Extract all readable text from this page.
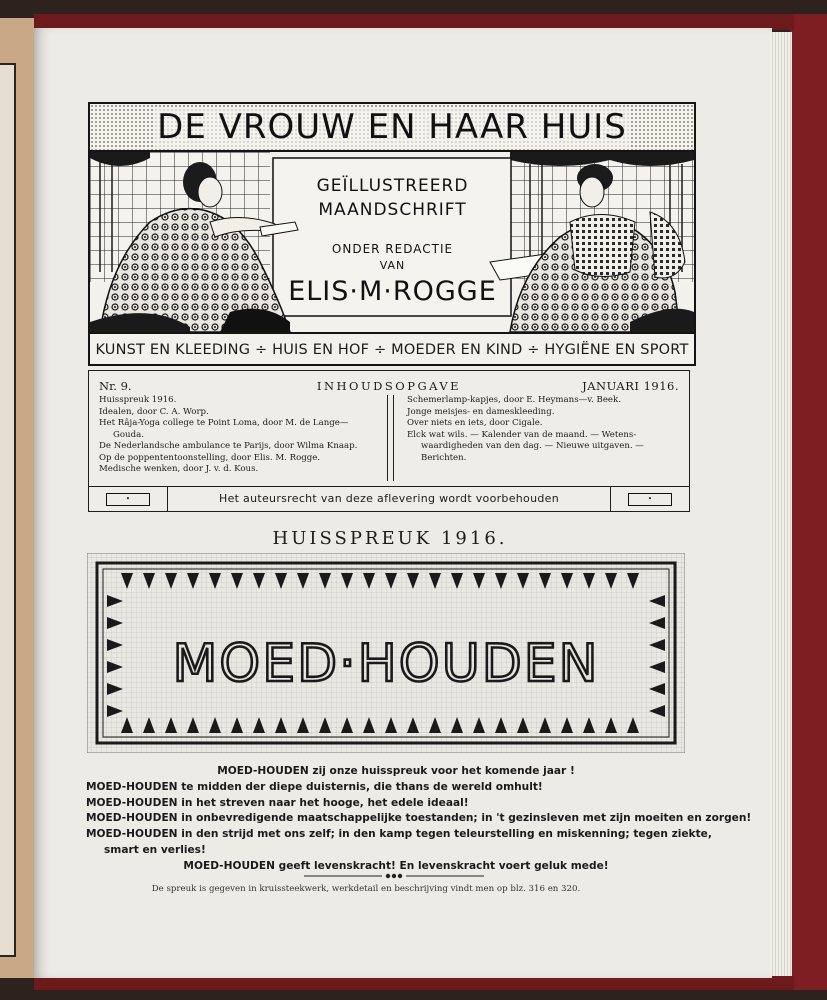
DE VROUW EN HAAR HUIS
GEÏLLUSTREERD
MAANDSCHRIFT
ONDER REDACTIE
VAN
ELIS·M·ROGGE
KUNST EN KLEEDING ÷ HUIS EN HOF ÷ MOEDER EN KIND ÷ HYGIËNE EN SPORT
Nr. 9.	INHOUDSOPGAVE	JANUARI 1916.
Huisspreuk 1916.
Idealen, door C. A. Worp.
Het Râja-Yoga college te Point Loma, door M. de Lange—
Gouda.
De Nederlandsche ambulance te Parijs, door Wilma Knaap.
Op de poppententoonstelling, door Elis. M. Rogge.
Medische wenken, door J. v. d. Kous.
Schemerlamp-kapjes, door E. Heymans—v. Beek.
Jonge meisjes- en dameskleeding.
Over niets en iets, door Cigale.
Elck wat wils. — Kalender van de maand. — Wetens-
waardigheden van den dag. — Nieuwe uitgaven. —
Berichten.
•	Het auteursrecht van deze aflevering wordt voorbehouden	•
HUISSPREUK 1916.
MOED·HOUDEN
MOED-HOUDEN zij onze huisspreuk voor het komende jaar !
MOED-HOUDEN te midden der diepe duisternis, die thans de wereld omhult!
MOED-HOUDEN in het streven naar het hooge, het edele ideaal!
MOED-HOUDEN in onbevredigende maatschappelijke toestanden; in 't gezinsleven met zijn moeiten en zorgen!
MOED-HOUDEN in den strijd met ons zelf; in den kamp tegen teleurstelling en miskenning; tegen ziekte,
smart en verlies!
MOED-HOUDEN geeft levenskracht! En levenskracht voert geluk mede!
De spreuk is gegeven in kruissteekwerk, werkdetail en beschrijving vindt men op blz. 316 en 320.
